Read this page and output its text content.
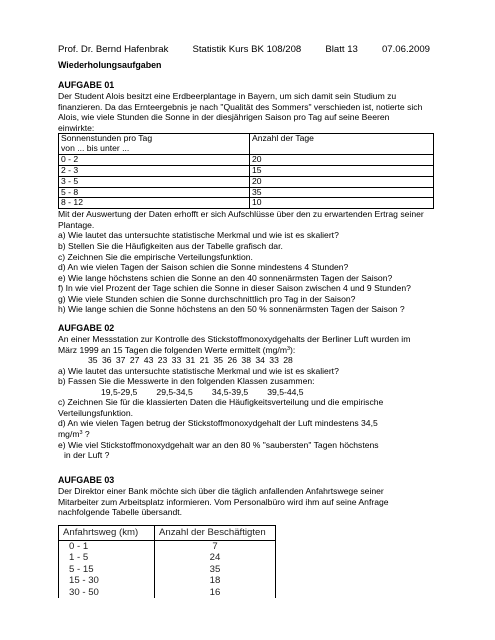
Prof. Dr. Bernd Hafenbrak	Statistik Kurs BK 108/208	Blatt 13	07.06.2009
Wiederholungsaufgaben
AUFGABE 01
Der Student Alois besitzt eine Erdbeerplantage in Bayern, um sich damit sein Studium zu
finanzieren. Da das Ernteergebnis je nach "Qualität des Sommers" verschieden ist, notierte sich
Alois, wie viele Stunden die Sonne in der diesjährigen Saison pro Tag auf seine Beeren
einwirkte:
Sonnenstunden pro Tag
von ... bis unter ...	Anzahl der Tage
0 - 2	20
2 - 3	15
3 - 5	20
5 - 8	35
8 - 12	10
Mit der Auswertung der Daten erhofft er sich Aufschlüsse über den zu erwartenden Ertrag seiner
Plantage.
a) Wie lautet das untersuchte statistische Merkmal und wie ist es skaliert?
b) Stellen Sie die Häufigkeiten aus der Tabelle grafisch dar.
c) Zeichnen Sie die empirische Verteilungsfunktion.
d) An wie vielen Tagen der Saison schien die Sonne mindestens 4 Stunden?
e) Wie lange höchstens schien die Sonne an den 40 sonnenärmsten Tagen der Saison?
f) In wie viel Prozent der Tage schien die Sonne in dieser Saison zwischen 4 und 9 Stunden?
g) Wie viele Stunden schien die Sonne durchschnittlich pro Tag in der Saison?
h) Wie lange schien die Sonne höchstens an den 50 % sonnenärmsten Tagen der Saison ?
AUFGABE 02
An einer Messstation zur Kontrolle des Stickstoffmonoxydgehalts der Berliner Luft wurden im
März 1999 an 15 Tagen die folgenden Werte ermittelt $(mg/m^3)$:
35 36 37 27 43 23 33 31 21 35 26 38 34 33 28
a) Wie lautet das untersuchte statistische Merkmal und wie ist es skaliert?
b) Fassen Sie die Messwerte in den folgenden Klassen zusammen:
19,5-29,5        29,5-34,5        34,5-39,5        39,5-44,5
c) Zeichnen Sie für die klassierten Daten die Häufigkeitsverteilung und die empirische
Verteilungsfunktion.
d) An wie vielen Tagen betrug der Stickstoffmonoxydgehalt der Luft mindestens 34,5
$mg/m^3$ ?
e) Wie viel Stickstoffmonoxydgehalt war an den 80 % "saubersten" Tagen höchstens
in der Luft ?
AUFGABE 03
Der Direktor einer Bank möchte sich über die täglich anfallenden Anfahrtswege seiner
Mitarbeiter zum Arbeitsplatz informieren. Vom Personalbüro wird ihm auf seine Anfrage
nachfolgende Tabelle übersandt.
Anfahrtsweg (km)	Anzahl der Beschäftigten
0 - 1	7
1 - 5	24
5 - 15	35
15 - 30	18
30 - 50	16
